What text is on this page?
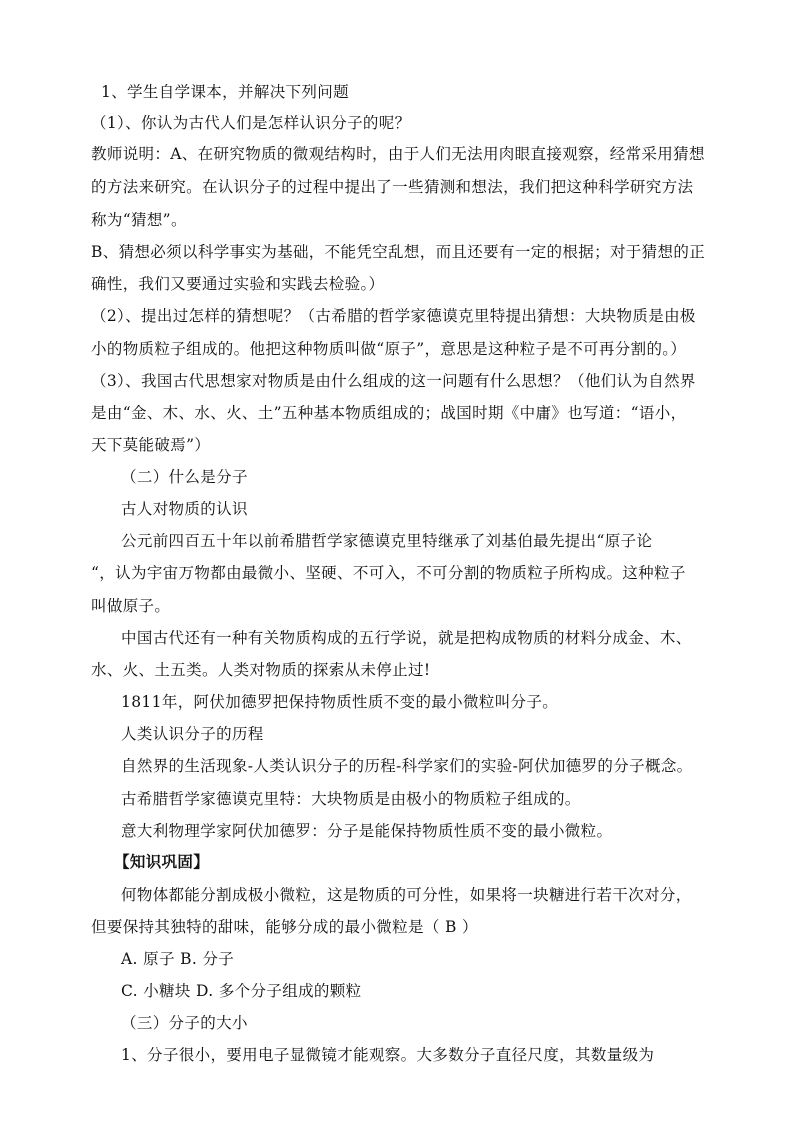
1、学生自学课本，并解决下列问题
（1）、你认为古代人们是怎样认识分子的呢？
教师说明：A、在研究物质的微观结构时，由于人们无法用肉眼直接观察，经常采用猜想
的方法来研究。在认识分子的过程中提出了一些猜测和想法，我们把这种科学研究方法
称为“猜想”。
B、猜想必须以科学事实为基础，不能凭空乱想，而且还要有一定的根据；对于猜想的正
确性，我们又要通过实验和实践去检验。）
（2）、提出过怎样的猜想呢？（古希腊的哲学家德谟克里特提出猜想：大块物质是由极
小的物质粒子组成的。他把这种物质叫做“原子”，意思是这种粒子是不可再分割的。）
（3）、我国古代思想家对物质是由什么组成的这一问题有什么思想？（他们认为自然界
是由“金、木、水、火、土”五种基本物质组成的；战国时期《中庸》也写道：“语小，
天下莫能破焉”）
（二）什么是分子
古人对物质的认识
公元前四百五十年以前希腊哲学家德谟克里特继承了刘基伯最先提出“原子论
“，认为宇宙万物都由最微小、坚硬、不可入，不可分割的物质粒子所构成。这种粒子
叫做原子。
中国古代还有一种有关物质构成的五行学说，就是把构成物质的材料分成金、木、
水、火、土五类。人类对物质的探索从未停止过!
1811年，阿伏加德罗把保持物质性质不变的最小微粒叫分子。
人类认识分子的历程
自然界的生活现象-人类认识分子的历程-科学家们的实验-阿伏加德罗的分子概念。
古希腊哲学家德谟克里特：大块物质是由极小的物质粒子组成的。
意大利物理学家阿伏加德罗：分子是能保持物质性质不变的最小微粒。
【知识巩固】
何物体都能分割成极小微粒，这是物质的可分性，如果将一块糖进行若干次对分，
但要保持其独特的甜味，能够分成的最小微粒是（ B ）
A. 原子 B. 分子
C. 小糖块 D. 多个分子组成的颗粒
（三）分子的大小
1、分子很小，要用电子显微镜才能观察。大多数分子直径尺度，其数量级为
